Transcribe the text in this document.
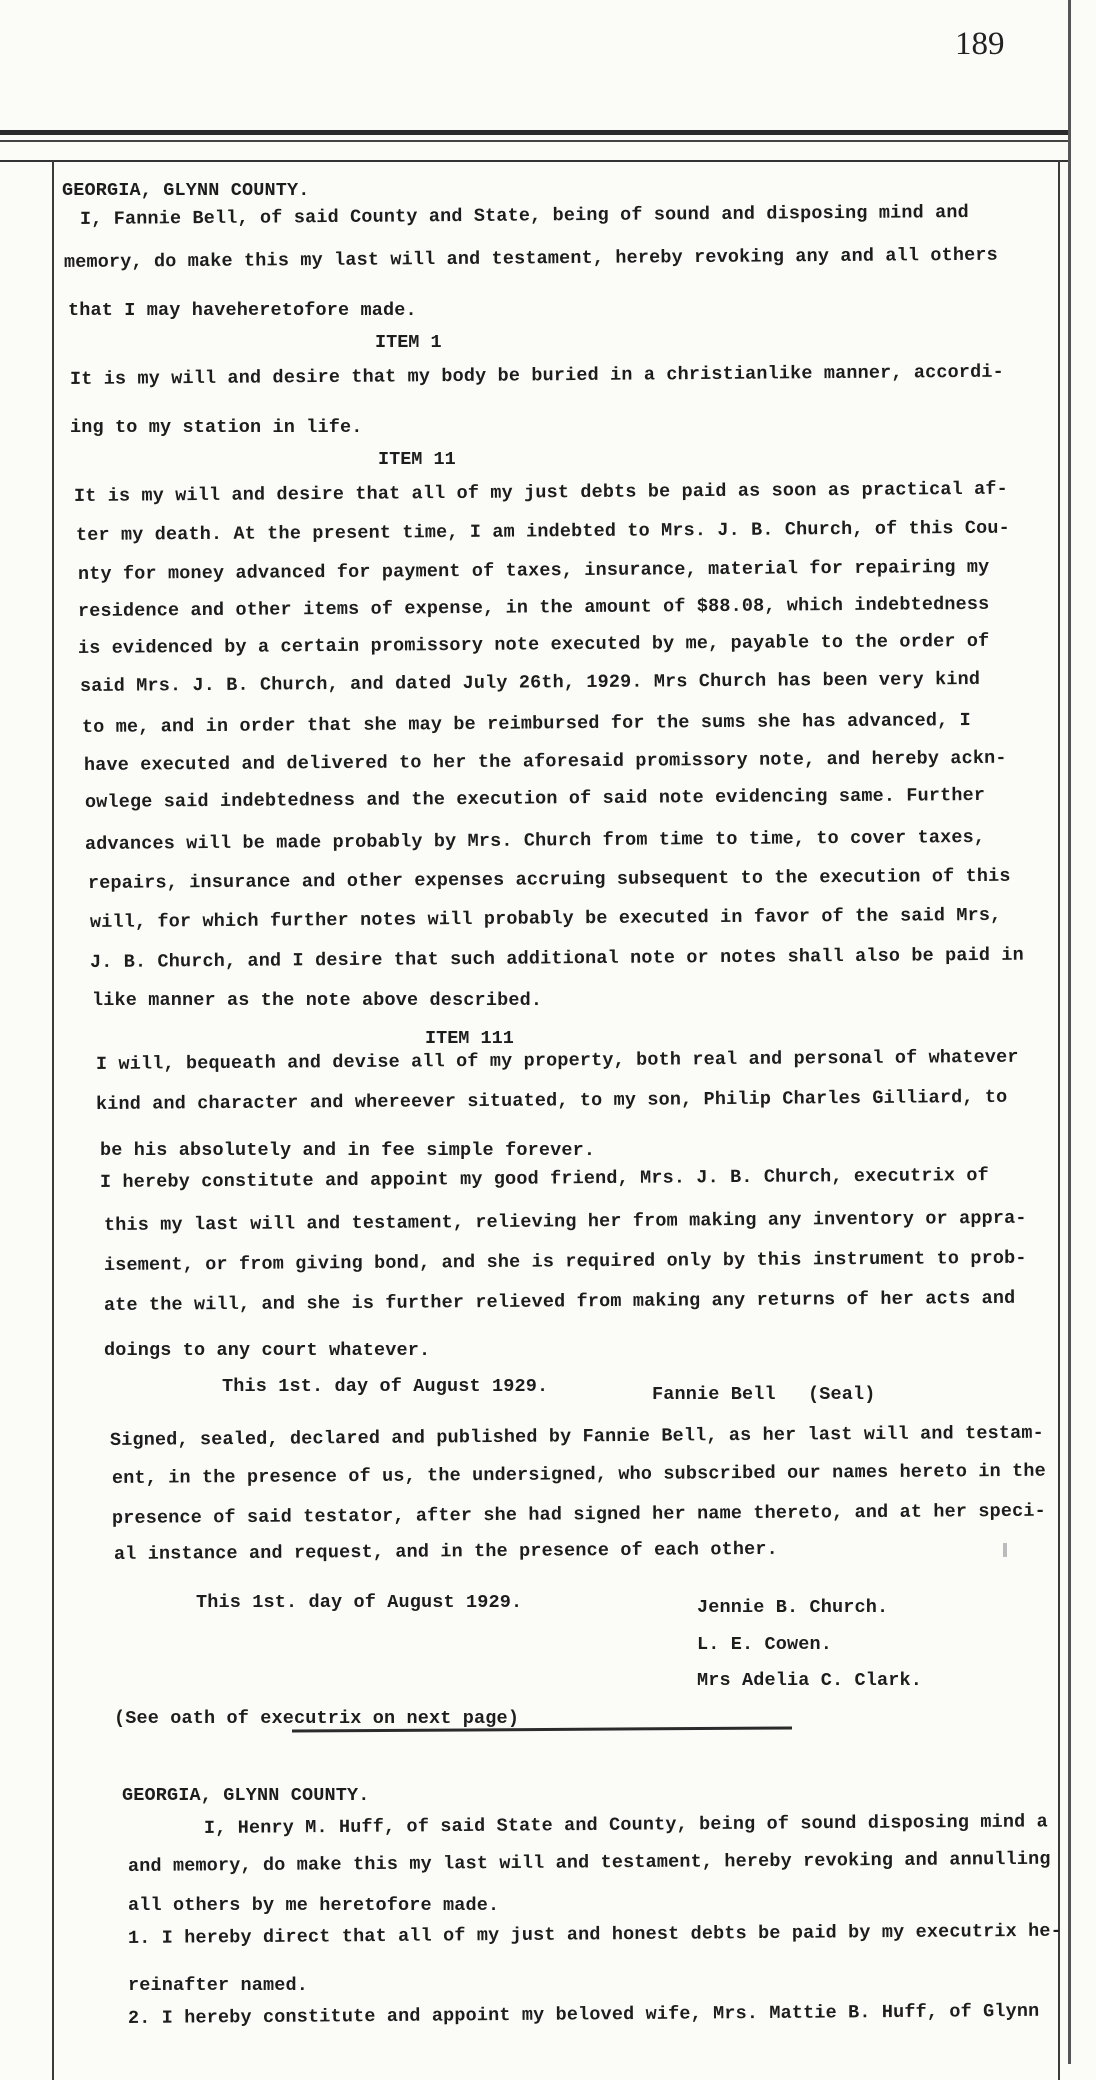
189
GEORGIA, GLYNN COUNTY.
I, Fannie Bell, of said County and State, being of sound and disposing mind and
memory, do make this my last will and testament, hereby revoking any and all others
that I may haveheretofore made.
ITEM 1
It is my will and desire that my body be buried in a christianlike manner, accordi-
ing to my station in life.
ITEM 11
It is my will and desire that all of my just debts be paid as soon as practical af-
ter my death. At the present time, I am indebted to Mrs. J. B. Church, of this Cou-
nty for money advanced for payment of taxes, insurance, material for repairing my
residence and other items of expense, in the amount of $88.08, which indebtedness
is evidenced by a certain promissory note executed by me, payable to the order of
said Mrs. J. B. Church, and dated July 26th, 1929. Mrs Church has been very kind
to me, and in order that she may be reimbursed for the sums she has advanced, I
have executed and delivered to her the aforesaid promissory note, and hereby ackn-
owlege said indebtedness and the execution of said note evidencing same. Further
advances will be made probably by Mrs. Church from time to time, to cover taxes,
repairs, insurance and other expenses accruing subsequent to the execution of this
will, for which further notes will probably be executed in favor of the said Mrs,
J. B. Church, and I desire that such additional note or notes shall also be paid in
like manner as the note above described.
ITEM 111
I will, bequeath and devise all of my property, both real and personal of whatever
kind and character and whereever situated, to my son, Philip Charles Gilliard, to
be his absolutely and in fee simple forever.
I hereby constitute and appoint my good friend, Mrs. J. B. Church, executrix of
this my last will and testament, relieving her from making any inventory or appra-
isement, or from giving bond, and she is required only by this instrument to prob-
ate the will, and she is further relieved from making any returns of her acts and
doings to any court whatever.
This 1st. day of August 1929.	Fannie Bell (Seal)
Signed, sealed, declared and published by Fannie Bell, as her last will and testam-
ent, in the presence of us, the undersigned, who subscribed our names hereto in the
presence of said testator, after she had signed her name thereto, and at her speci-
al instance and request, and in the presence of each other.
This 1st. day of August 1929.	Jennie B. Church.
L. E. Cowen.
Mrs Adelia C. Clark.
(See oath of executrix on next page)
GEORGIA, GLYNN COUNTY.
I, Henry M. Huff, of said State and County, being of sound disposing mind a
and memory, do make this my last will and testament, hereby revoking and annulling
all others by me heretofore made.
1. I hereby direct that all of my just and honest debts be paid by my executrix he-
reinafter named.
2. I hereby constitute and appoint my beloved wife, Mrs. Mattie B. Huff, of Glynn
